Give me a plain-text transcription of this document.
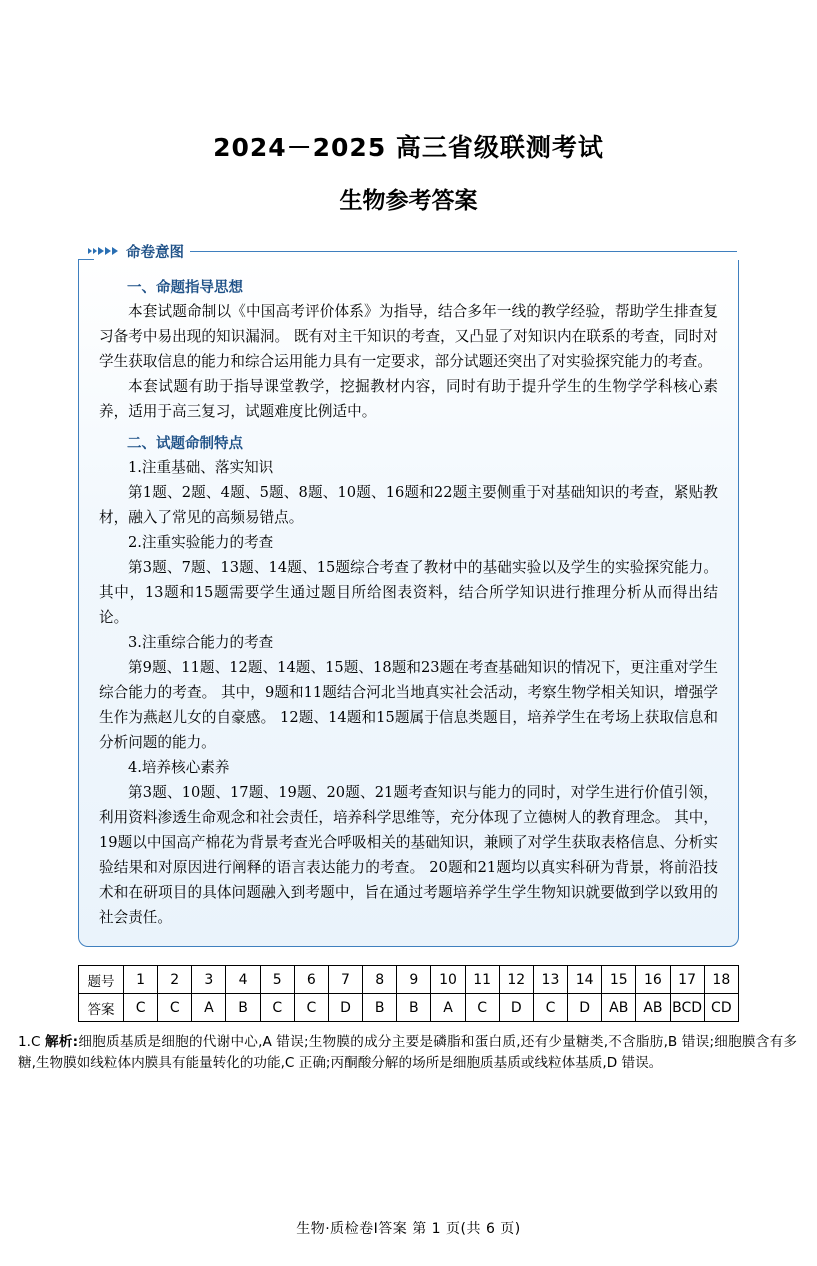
2024－2025 高三省级联测考试
生物参考答案
命卷意图
一、命题指导思想

本套试题命制以《中国高考评价体系》为指导，结合多年一线的教学经验，帮助学生排查复习备考中易出现的知识漏洞。 既有对主干知识的考查，又凸显了对知识内在联系的考查，同时对学生获取信息的能力和综合运用能力具有一定要求，部分试题还突出了对实验探究能力的考查。

本套试题有助于指导课堂教学，挖掘教材内容，同时有助于提升学生的生物学学科核心素养，适用于高三复习，试题难度比例适中。

二、试题命制特点

1.注重基础、落实知识

第1题、2题、4题、5题、8题、10题、16题和22题主要侧重于对基础知识的考查，紧贴教材，融入了常见的高频易错点。

2.注重实验能力的考查

第3题、7题、13题、14题、15题综合考查了教材中的基础实验以及学生的实验探究能力。 其中，13题和15题需要学生通过题目所给图表资料，结合所学知识进行推理分析从而得出结论。

3.注重综合能力的考查

第9题、11题、12题、14题、15题、18题和23题在考查基础知识的情况下，更注重对学生综合能力的考查。 其中，9题和11题结合河北当地真实社会活动，考察生物学相关知识，增强学生作为燕赵儿女的自豪感。 12题、14题和15题属于信息类题目，培养学生在考场上获取信息和分析问题的能力。

4.培养核心素养

第3题、10题、17题、19题、20题、21题考查知识与能力的同时，对学生进行价值引领，利用资料渗透生命观念和社会责任，培养科学思维等，充分体现了立德树人的教育理念。 其中，19题以中国高产棉花为背景考查光合呼吸相关的基础知识，兼顾了对学生获取表格信息、分析实验结果和对原因进行阐释的语言表达能力的考查。 20题和21题均以真实科研为背景，将前沿技术和在研项目的具体问题融入到考题中，旨在通过考题培养学生学生物知识就要做到学以致用的社会责任。

题号	1	2	3	4	5	6	7	8	9	10	11	12	13	14	15	16	17	18
答案	C	C	A	B	C	C	D	B	B	A	C	D	C	D	AB	AB	BCD	CD
1.C 解析:细胞质基质是细胞的代谢中心,A 错误;生物膜的成分主要是磷脂和蛋白质,还有少量糖类,不含脂肪,B 错误;细胞膜含有多糖,生物膜如线粒体内膜具有能量转化的功能,C 正确;丙酮酸分解的场所是细胞质基质或线粒体基质,D 错误。
生物·质检卷Ⅰ答案 第 1 页(共 6 页)
